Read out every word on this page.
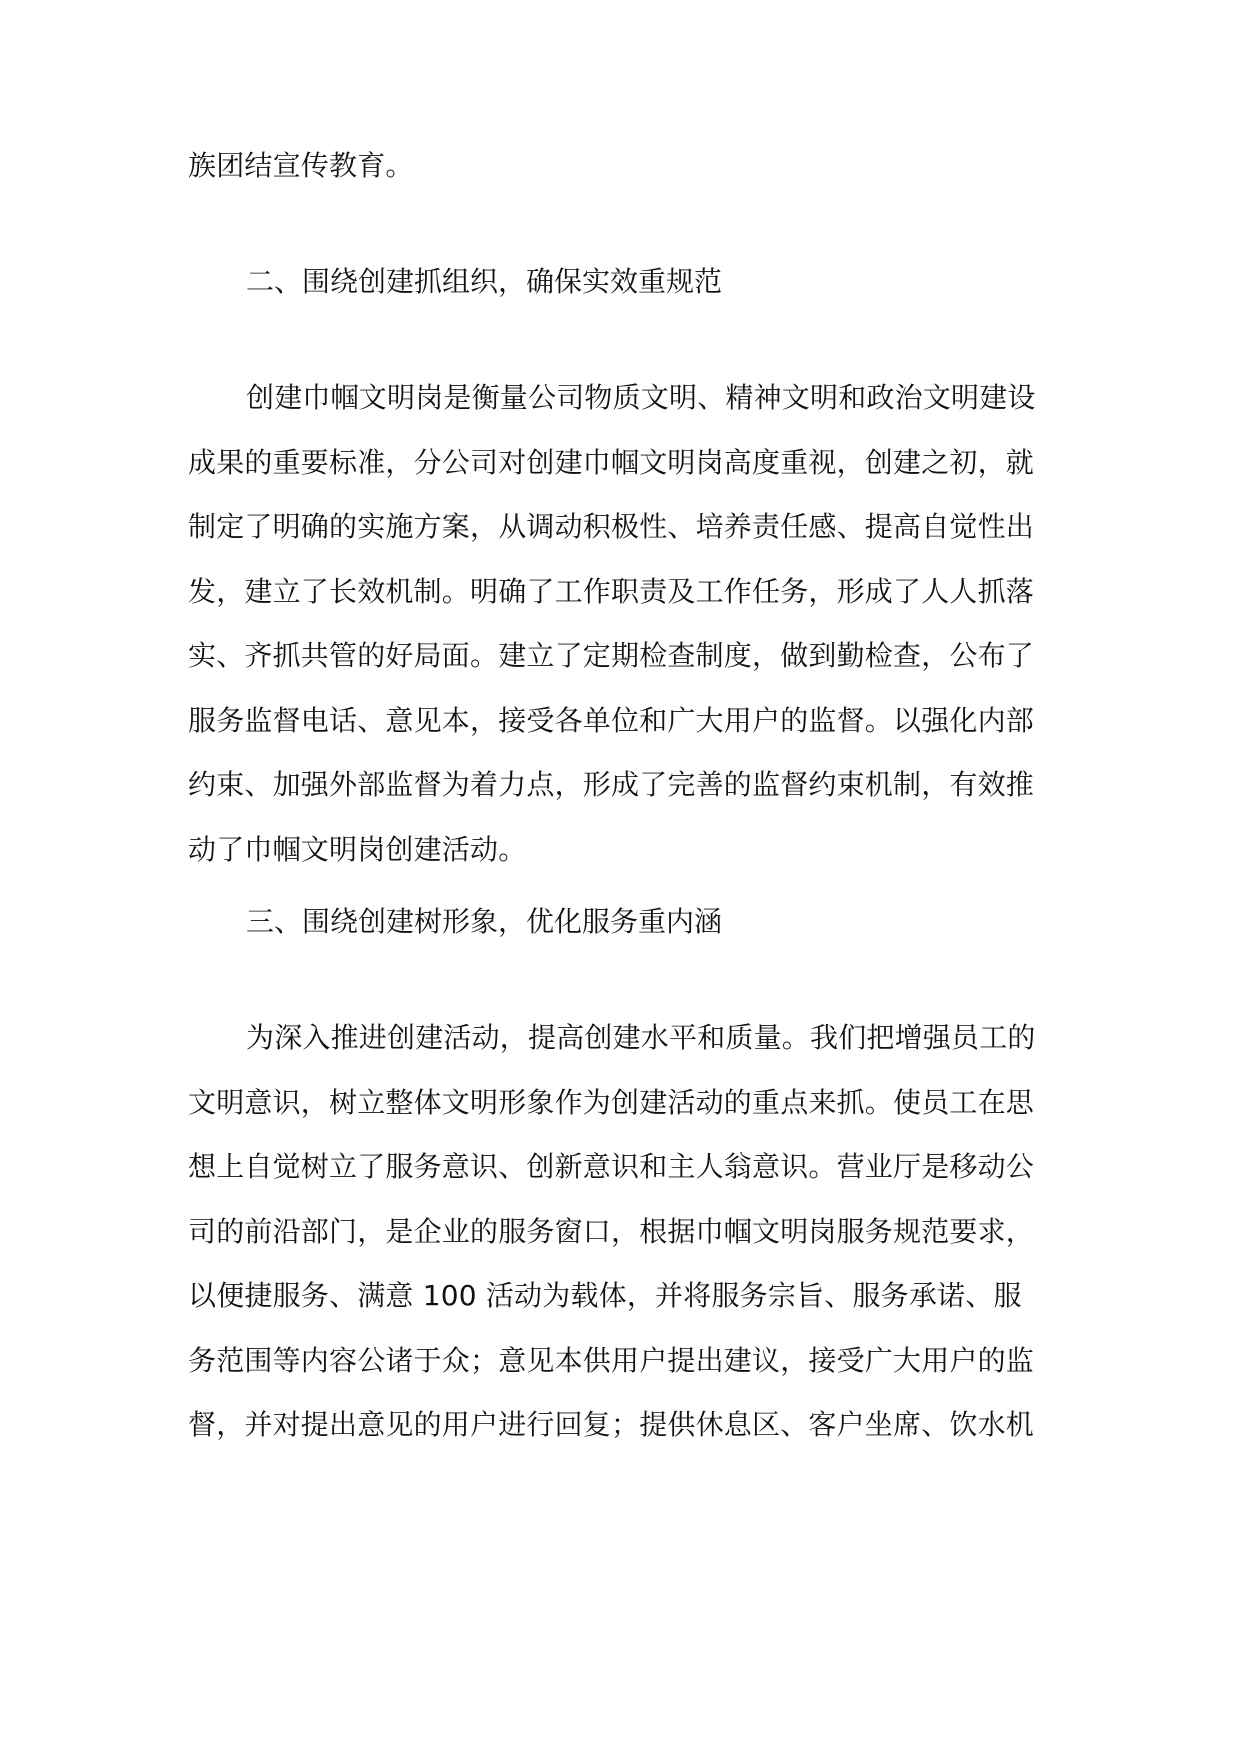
族团结宣传教育。
二、围绕创建抓组织，确保实效重规范
创建巾帼文明岗是衡量公司物质文明、精神文明和政治文明建设
成果的重要标准，分公司对创建巾帼文明岗高度重视，创建之初，就
制定了明确的实施方案，从调动积极性、培养责任感、提高自觉性出
发，建立了长效机制。明确了工作职责及工作任务，形成了人人抓落
实、齐抓共管的好局面。建立了定期检查制度，做到勤检查，公布了
服务监督电话、意见本，接受各单位和广大用户的监督。以强化内部
约束、加强外部监督为着力点，形成了完善的监督约束机制，有效推
动了巾帼文明岗创建活动。
三、围绕创建树形象，优化服务重内涵
为深入推进创建活动，提高创建水平和质量。我们把增强员工的
文明意识，树立整体文明形象作为创建活动的重点来抓。使员工在思
想上自觉树立了服务意识、创新意识和主人翁意识。营业厅是移动公
司的前沿部门，是企业的服务窗口，根据巾帼文明岗服务规范要求，
以便捷服务、满意 100 活动为载体，并将服务宗旨、服务承诺、服
务范围等内容公诸于众；意见本供用户提出建议，接受广大用户的监
督，并对提出意见的用户进行回复；提供休息区、客户坐席、饮水机
